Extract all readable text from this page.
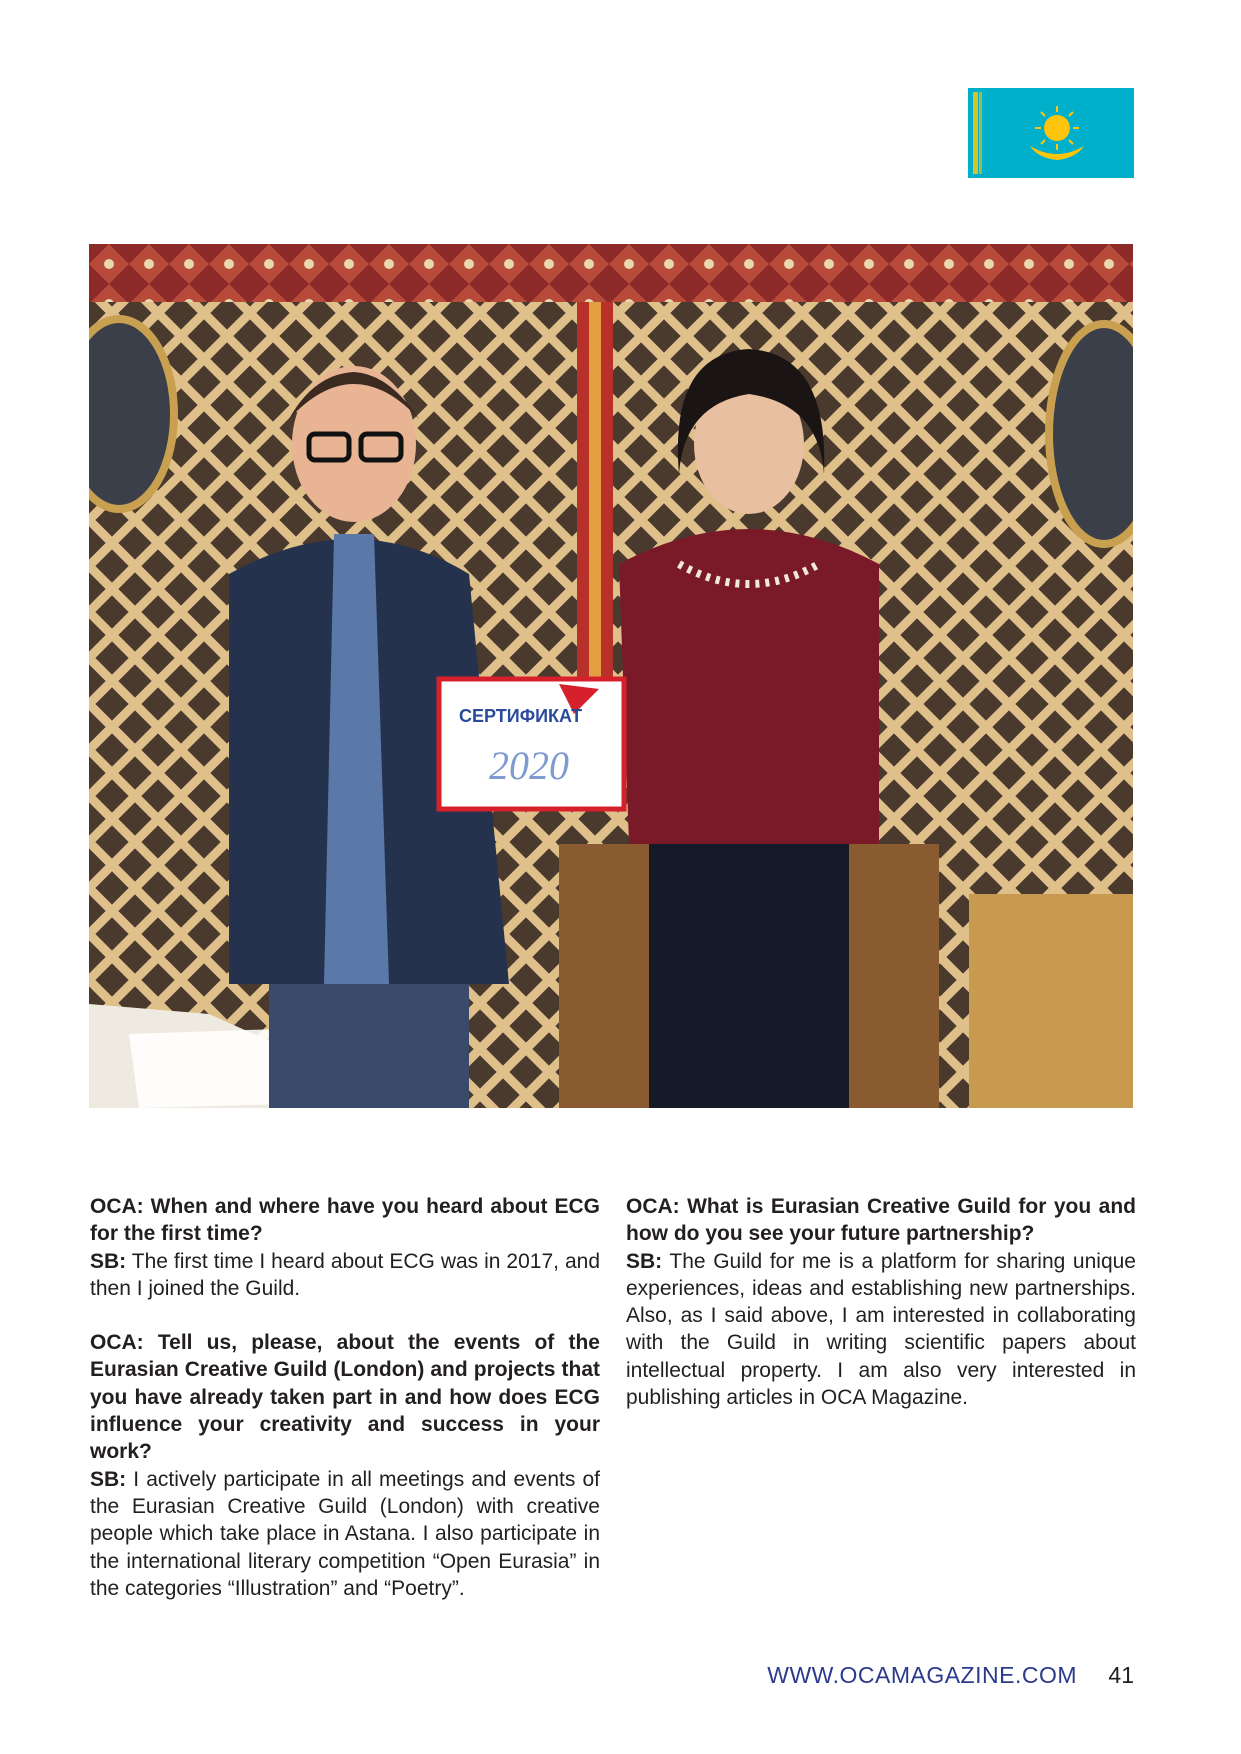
СЕРТИФИКАТ
2020

OCA: When and where have you heard about ECG for the first time?

SB: The first time I heard about ECG was in 2017, and then I joined the Guild.

OCA: Tell us, please, about the events of the Eurasian Creative Guild (London) and projects that you have already taken part in and how does ECG influence your creativity and success in your work?

SB: I actively participate in all meetings and events of the Eurasian Creative Guild (London) with creative people which take place in Astana. I also participate in the international literary competition “Open Eurasia” in the categories “Illustration” and “Poetry”.

OCA: What is Eurasian Creative Guild for you and how do you see your future partnership?

SB: The Guild for me is a platform for sharing unique experiences, ideas and establishing new partnerships. Also, as I said above, I am interested in collaborating with the Guild in writing scientific papers about intellectual property. I am also very interested in publishing articles in OCA Magazine.

WWW.OCAMAGAZINE.COM 41
